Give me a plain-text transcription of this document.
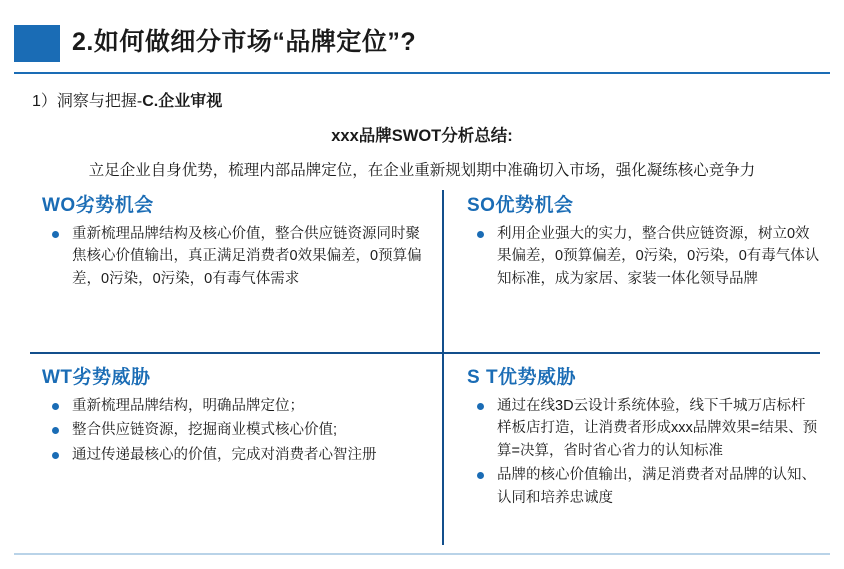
2.如何做细分市场“品牌定位”?
1）洞察与把握-C.企业审视
xxx品牌SWOT分析总结:
立足企业自身优势，梳理内部品牌定位，在企业重新规划期中准确切入市场，强化凝练核心竞争力
WO劣势机会
重新梳理品牌结构及核心价值，整合供应链资源同时聚焦核心价值输出，真正满足消费者0效果偏差，0预算偏差，0污染，0污染，0有毒气体需求
SO优势机会
利用企业强大的实力，整合供应链资源，树立0效果偏差，0预算偏差，0污染，0污染，0有毒气体认知标准，成为家居、家装一体化领导品牌
WT劣势威胁
重新梳理品牌结构，明确品牌定位；
整合供应链资源，挖掘商业模式核心价值;
通过传递最核心的价值，完成对消费者心智注册
S T优势威胁
通过在线3D云设计系统体验，线下千城万店标杆样板店打造，让消费者形成xxx品牌效果=结果、预算=决算，省时省心省力的认知标准
品牌的核心价值输出，满足消费者对品牌的认知、认同和培养忠诚度
